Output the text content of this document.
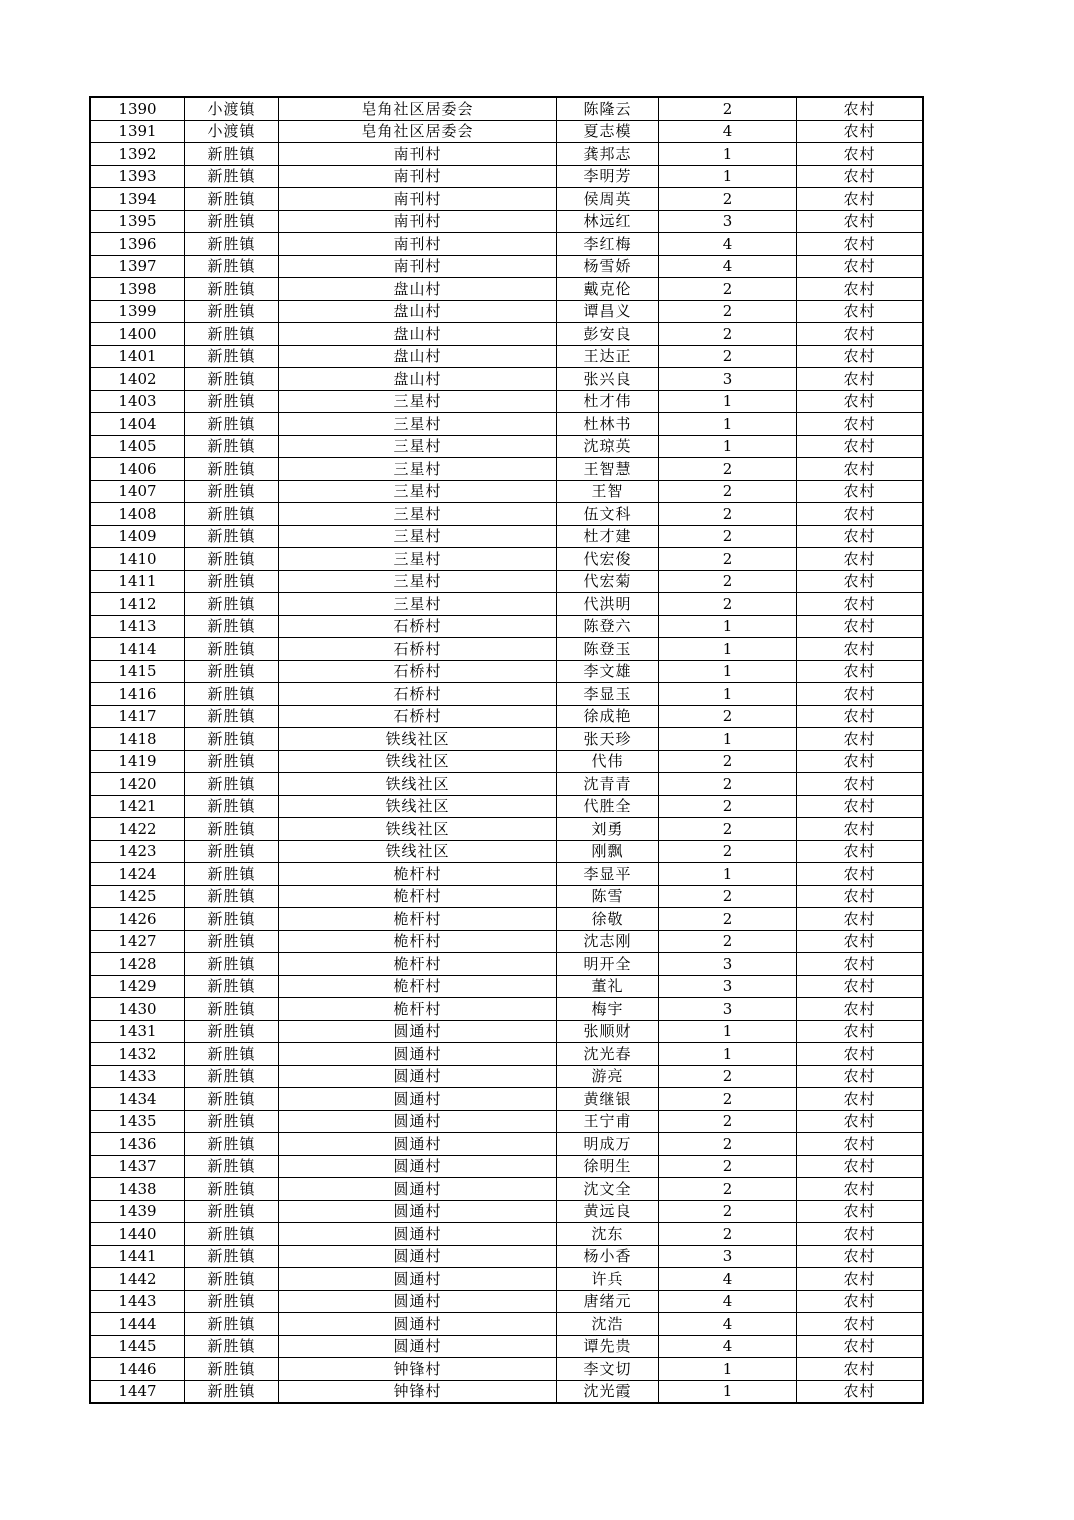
1390	小渡镇	皂角社区居委会	陈隆云	2	农村
1391	小渡镇	皂角社区居委会	夏志模	4	农村
1392	新胜镇	南刊村	龚邦志	1	农村
1393	新胜镇	南刊村	李明芳	1	农村
1394	新胜镇	南刊村	侯周英	2	农村
1395	新胜镇	南刊村	林远红	3	农村
1396	新胜镇	南刊村	李红梅	4	农村
1397	新胜镇	南刊村	杨雪娇	4	农村
1398	新胜镇	盘山村	戴克伦	2	农村
1399	新胜镇	盘山村	谭昌义	2	农村
1400	新胜镇	盘山村	彭安良	2	农村
1401	新胜镇	盘山村	王达正	2	农村
1402	新胜镇	盘山村	张兴良	3	农村
1403	新胜镇	三星村	杜才伟	1	农村
1404	新胜镇	三星村	杜林书	1	农村
1405	新胜镇	三星村	沈琼英	1	农村
1406	新胜镇	三星村	王智慧	2	农村
1407	新胜镇	三星村	王智	2	农村
1408	新胜镇	三星村	伍文科	2	农村
1409	新胜镇	三星村	杜才建	2	农村
1410	新胜镇	三星村	代宏俊	2	农村
1411	新胜镇	三星村	代宏菊	2	农村
1412	新胜镇	三星村	代洪明	2	农村
1413	新胜镇	石桥村	陈登六	1	农村
1414	新胜镇	石桥村	陈登玉	1	农村
1415	新胜镇	石桥村	李文雄	1	农村
1416	新胜镇	石桥村	李显玉	1	农村
1417	新胜镇	石桥村	徐成艳	2	农村
1418	新胜镇	铁线社区	张天珍	1	农村
1419	新胜镇	铁线社区	代伟	2	农村
1420	新胜镇	铁线社区	沈青青	2	农村
1421	新胜镇	铁线社区	代胜全	2	农村
1422	新胜镇	铁线社区	刘勇	2	农村
1423	新胜镇	铁线社区	刚飘	2	农村
1424	新胜镇	桅杆村	李显平	1	农村
1425	新胜镇	桅杆村	陈雪	2	农村
1426	新胜镇	桅杆村	徐敬	2	农村
1427	新胜镇	桅杆村	沈志刚	2	农村
1428	新胜镇	桅杆村	明开全	3	农村
1429	新胜镇	桅杆村	董礼	3	农村
1430	新胜镇	桅杆村	梅宇	3	农村
1431	新胜镇	圆通村	张顺财	1	农村
1432	新胜镇	圆通村	沈光春	1	农村
1433	新胜镇	圆通村	游亮	2	农村
1434	新胜镇	圆通村	黄继银	2	农村
1435	新胜镇	圆通村	王宁甫	2	农村
1436	新胜镇	圆通村	明成万	2	农村
1437	新胜镇	圆通村	徐明生	2	农村
1438	新胜镇	圆通村	沈文全	2	农村
1439	新胜镇	圆通村	黄远良	2	农村
1440	新胜镇	圆通村	沈东	2	农村
1441	新胜镇	圆通村	杨小香	3	农村
1442	新胜镇	圆通村	许兵	4	农村
1443	新胜镇	圆通村	唐绪元	4	农村
1444	新胜镇	圆通村	沈浩	4	农村
1445	新胜镇	圆通村	谭先贵	4	农村
1446	新胜镇	钟锋村	李文切	1	农村
1447	新胜镇	钟锋村	沈光霞	1	农村
